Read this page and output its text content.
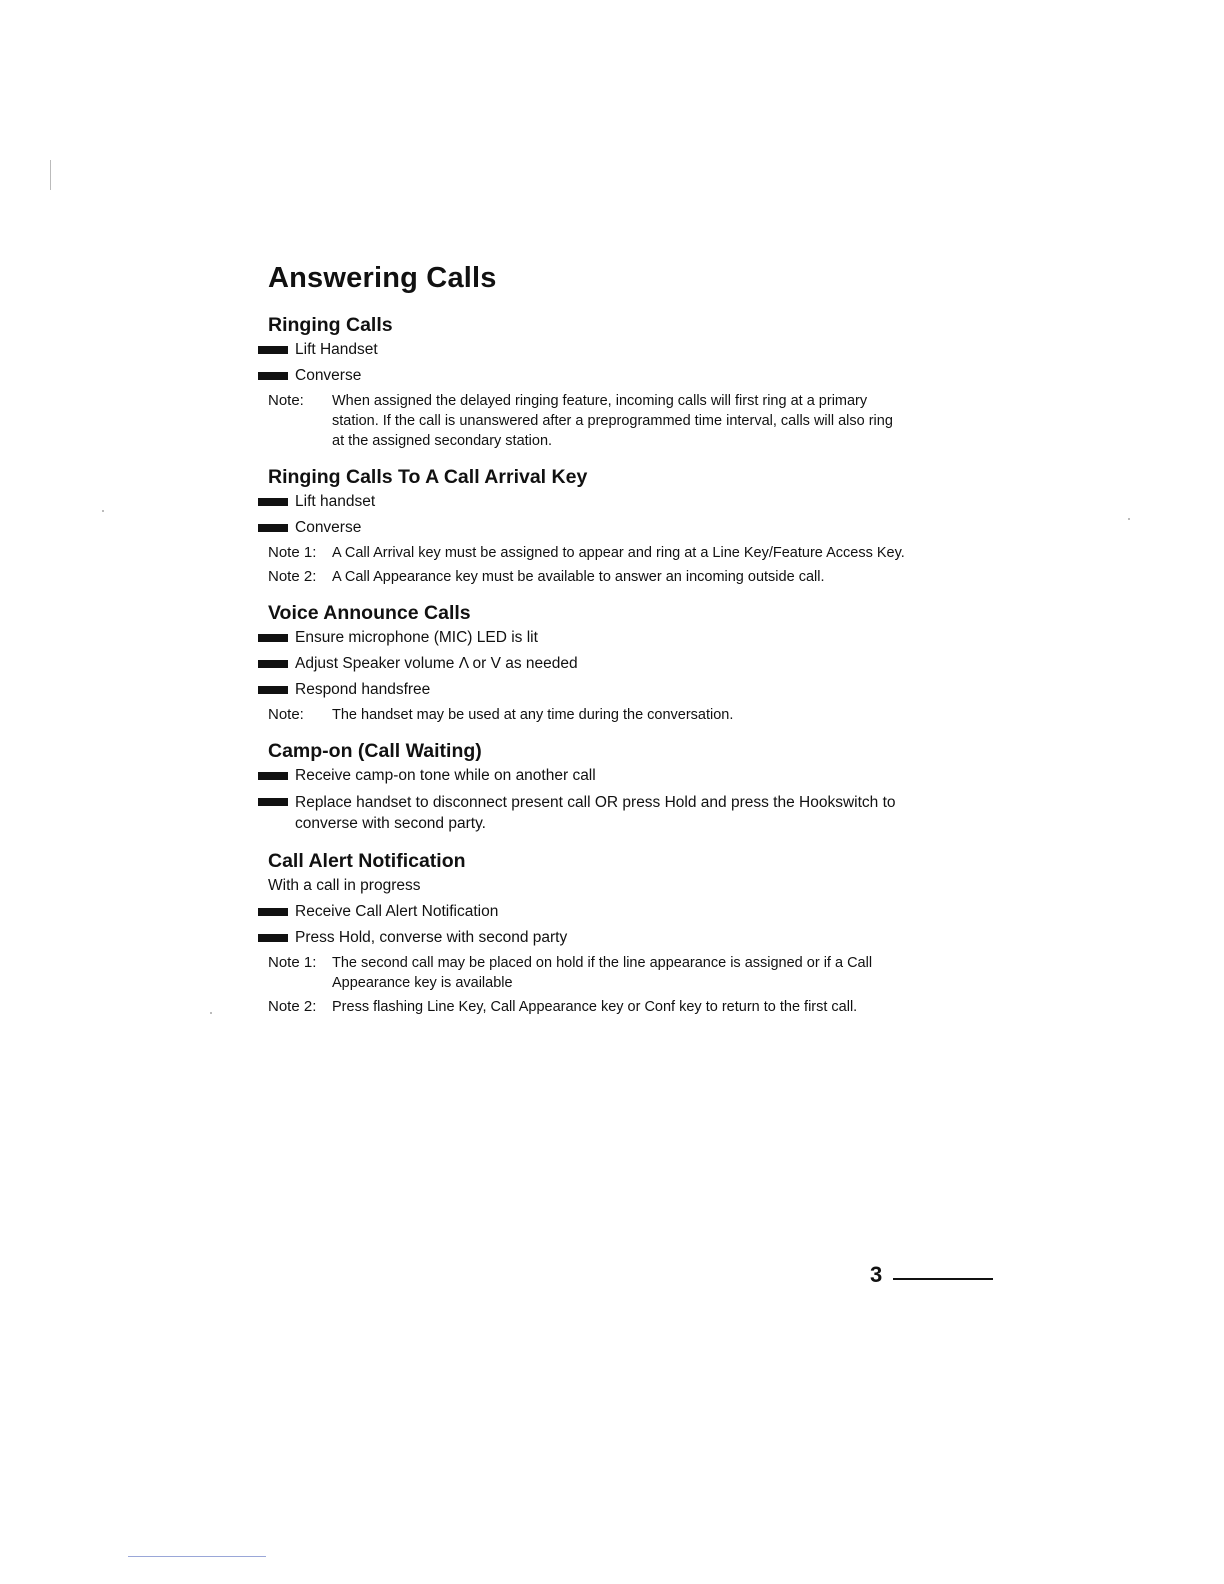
Answering Calls
Ringing Calls
Lift Handset
Converse
Note: When assigned the delayed ringing feature, incoming calls will first ring at a primary station. If the call is unanswered after a preprogrammed time interval, calls will also ring at the assigned secondary station.
Ringing Calls To A Call Arrival Key
Lift handset
Converse
Note 1: A Call Arrival key must be assigned to appear and ring at a Line Key/Feature Access Key.
Note 2: A Call Appearance key must be available to answer an incoming outside call.
Voice Announce Calls
Ensure microphone (MIC) LED is lit
Adjust Speaker volume Λ or V as needed
Respond handsfree
Note: The handset may be used at any time during the conversation.
Camp-on (Call Waiting)
Receive camp-on tone while on another call
Replace handset to disconnect present call OR press Hold and press the Hookswitch to converse with second party.
Call Alert Notification
With a call in progress
Receive Call Alert Notification
Press Hold, converse with second party
Note 1: The second call may be placed on hold if the line appearance is assigned or if a Call Appearance key is available
Note 2: Press flashing Line Key, Call Appearance key or Conf key to return to the first call.
3
